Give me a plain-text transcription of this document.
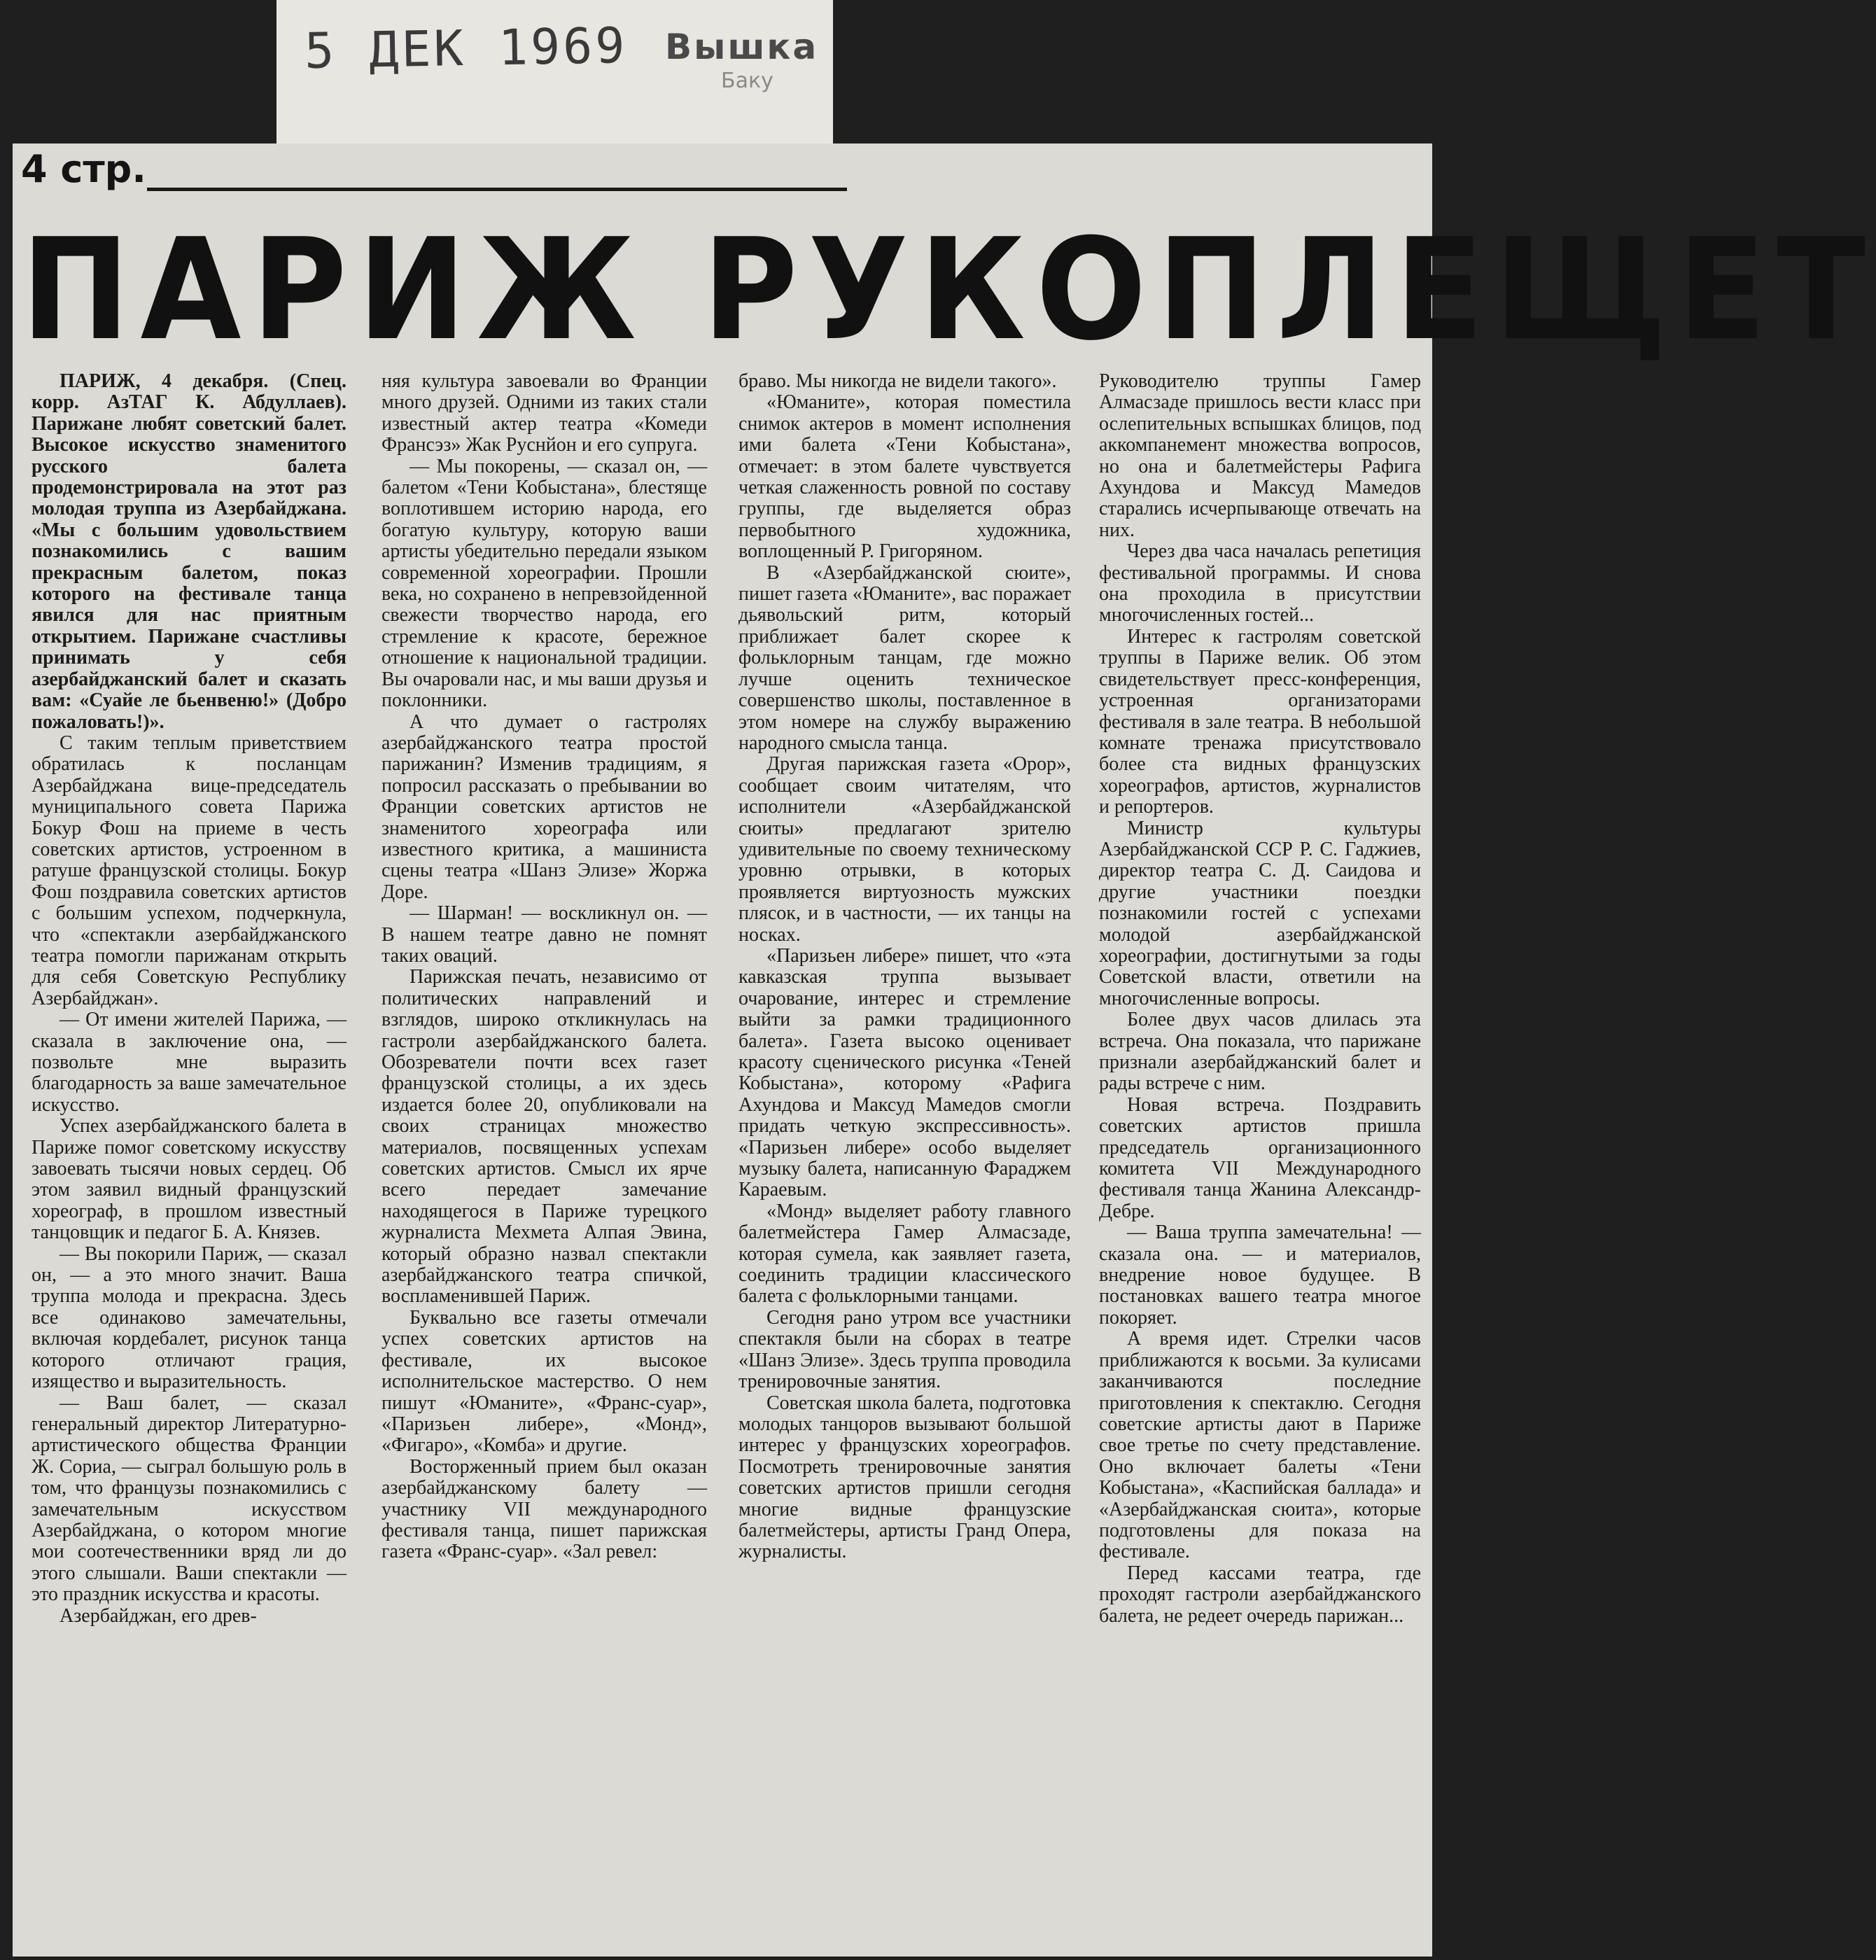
5 ДЕК 1969 Вышка
Баку
4 стр.
ПАРИЖ РУКОПЛЕЩЕТ

ПАРИЖ, 4 декабря. (Спец. корр. АзТАГ К. Абдуллаев). Парижане любят советский балет. Высокое искусство знаменитого русского балета продемонстрировала на этот раз молодая труппа из Азербайджана. «Мы с большим удовольствием познакомились с вашим прекрасным балетом, показ которого на фестивале танца явился для нас приятным открытием. Парижане счастливы принимать у себя азербайджанский балет и сказать вам: «Суайе ле бьенвеню!» (Добро пожаловать!)».

С таким теплым приветствием обратилась к посланцам Азербайджана вице-председатель муниципального совета Парижа Бокур Фош на приеме в честь советских артистов, устроенном в ратуше французской столицы. Бокур Фош поздравила советских артистов с большим успехом, подчеркнула, что «спектакли азербайджанского театра помогли парижанам открыть для себя Советскую Республику Азербайджан».

— От имени жителей Парижа, — сказала в заключение она, — позвольте мне выразить благодарность за ваше замечательное искусство.

Успех азербайджанского балета в Париже помог советскому искусству завоевать тысячи новых сердец. Об этом заявил видный французский хореограф, в прошлом известный танцовщик и педагог Б. А. Князев.

— Вы покорили Париж, — сказал он, — а это много значит. Ваша труппа молода и прекрасна. Здесь все одинаково замечательны, включая кордебалет, рисунок танца которого отличают грация, изящество и выразительность.

— Ваш балет, — сказал генеральный директор Литературно-артистического общества Франции Ж. Сориа, — сыграл большую роль в том, что французы познакомились с замечательным искусством Азербайджана, о котором многие мои соотечественники вряд ли до этого слышали. Ваши спектакли — это праздник искусства и красоты.

Азербайджан, его древ-

няя культура завоевали во Франции много друзей. Одними из таких стали известный актер театра «Комеди Франсэз» Жак Руснйон и его супруга.

— Мы покорены, — сказал он, — балетом «Тени Кобыстана», блестяще воплотившем историю народа, его богатую культуру, которую ваши артисты убедительно передали языком современной хореографии. Прошли века, но сохранено в непревзойденной свежести творчество народа, его стремление к красоте, бережное отношение к национальной традиции. Вы очаровали нас, и мы ваши друзья и поклонники.

А что думает о гастролях азербайджанского театра простой парижанин? Изменив традициям, я попросил рассказать о пребывании во Франции советских артистов не знаменитого хореографа или известного критика, а машиниста сцены театра «Шанз Элизе» Жоржа Доре.

— Шарман! — воскликнул он. — В нашем театре давно не помнят таких оваций.

Парижская печать, независимо от политических направлений и взглядов, широко откликнулась на гастроли азербайджанского балета. Обозреватели почти всех газет французской столицы, а их здесь издается более 20, опубликовали на своих страницах множество материалов, посвященных успехам советских артистов. Смысл их ярче всего передает замечание находящегося в Париже турецкого журналиста Мехмета Алпая Эвина, который образно назвал спектакли азербайджанского театра спичкой, воспламенившей Париж.

Буквально все газеты отмечали успех советских артистов на фестивале, их высокое исполнительское мастерство. О нем пишут «Юманите», «Франс-суар», «Паризьен либере», «Монд», «Фигаро», «Комба» и другие.

Восторженный прием был оказан азербайджанскому балету — участнику VII международного фестиваля танца, пишет парижская газета «Франс-суар». «Зал ревел:

браво. Мы никогда не видели такого».

«Юманите», которая поместила снимок актеров в момент исполнения ими балета «Тени Кобыстана», отмечает: в этом балете чувствуется четкая слаженность ровной по составу группы, где выделяется образ первобытного художника, воплощенный Р. Григоряном.

В «Азербайджанской сюите», пишет газета «Юманите», вас поражает дьявольский ритм, который приближает балет скорее к фольклорным танцам, где можно лучше оценить техническое совершенство школы, поставленное в этом номере на службу выражению народного смысла танца.

Другая парижская газета «Орор», сообщает своим читателям, что исполнители «Азербайджанской сюиты» предлагают зрителю удивительные по своему техническому уровню отрывки, в которых проявляется виртуозность мужских плясок, и в частности, — их танцы на носках.

«Паризьен либере» пишет, что «эта кавказская труппа вызывает очарование, интерес и стремление выйти за рамки традиционного балета». Газета высоко оценивает красоту сценического рисунка «Теней Кобыстана», которому «Рафига Ахундова и Максуд Мамедов смогли придать четкую экспрессивность». «Паризьен либере» особо выделяет музыку балета, написанную Фараджем Караевым.

«Монд» выделяет работу главного балетмейстера Гамер Алмасзаде, которая сумела, как заявляет газета, соединить традиции классического балета с фольклорными танцами.

Сегодня рано утром все участники спектакля были на сборах в театре «Шанз Элизе». Здесь труппа проводила тренировочные занятия.

Советская школа балета, подготовка молодых танцоров вызывают большой интерес у французских хореографов. Посмотреть тренировочные занятия советских артистов пришли сегодня многие видные французские балетмейстеры, артисты Гранд Опера, журналисты.

Руководителю труппы Гамер Алмасзаде пришлось вести класс при ослепительных вспышках блицов, под аккомпанемент множества вопросов, но она и балетмейстеры Рафига Ахундова и Максуд Мамедов старались исчерпывающе отвечать на них.

Через два часа началась репетиция фестивальной программы. И снова она проходила в присутствии многочисленных гостей...

Интерес к гастролям советской труппы в Париже велик. Об этом свидетельствует пресс-конференция, устроенная организаторами фестиваля в зале театра. В небольшой комнате тренажа присутствовало более ста видных французских хореографов, артистов, журналистов и репортеров.

Министр культуры Азербайджанской ССР Р. С. Гаджиев, директор театра С. Д. Саидова и другие участники поездки познакомили гостей с успехами молодой азербайджанской хореографии, достигнутыми за годы Советской власти, ответили на многочисленные вопросы.

Более двух часов длилась эта встреча. Она показала, что парижане признали азербайджанский балет и рады встрече с ним.

Новая встреча. Поздравить советских артистов пришла председатель организационного комитета VII Международного фестиваля танца Жанина Александр-Дебре.

— Ваша труппа замечательна! — сказала она. — и материалов, внедрение новое будущее. В постановках вашего театра многое покоряет.

А время идет. Стрелки часов приближаются к восьми. За кулисами заканчиваются последние приготовления к спектаклю. Сегодня советские артисты дают в Париже свое третье по счету представление. Оно включает балеты «Тени Кобыстана», «Каспийская баллада» и «Азербайджанская сюита», которые подготовлены для показа на фестивале.

Перед кассами театра, где проходят гастроли азербайджанского балета, не редеет очередь парижан...
